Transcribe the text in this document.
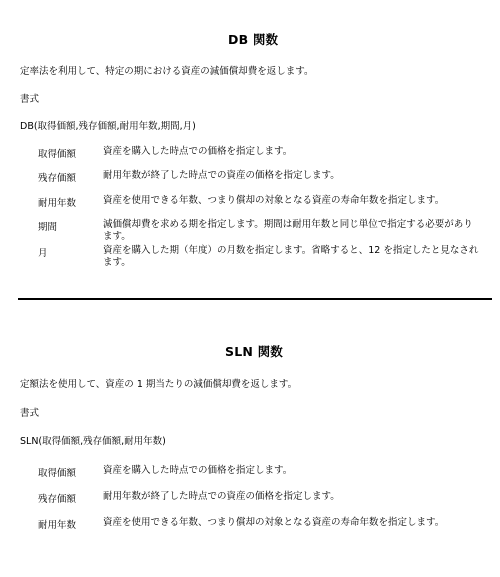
DB 関数
定率法を利用して、特定の期における資産の減価償却費を返します。
書式
DB(取得価額,残存価額,耐用年数,期間,月)
取得価額	資産を購入した時点での価格を指定します。
残存価額	耐用年数が終了した時点での資産の価格を指定します。
耐用年数	資産を使用できる年数、つまり償却の対象となる資産の寿命年数を指定します。
期間	減価償却費を求める期を指定します。期間は耐用年数と同じ単位で指定する必要があります。
月	資産を購入した期（年度）の月数を指定します。省略すると、12 を指定したと見なされます。
SLN 関数
定額法を使用して、資産の 1 期当たりの減価償却費を返します。
書式
SLN(取得価額,残存価額,耐用年数)
取得価額	資産を購入した時点での価格を指定します。
残存価額	耐用年数が終了した時点での資産の価格を指定します。
耐用年数	資産を使用できる年数、つまり償却の対象となる資産の寿命年数を指定します。
